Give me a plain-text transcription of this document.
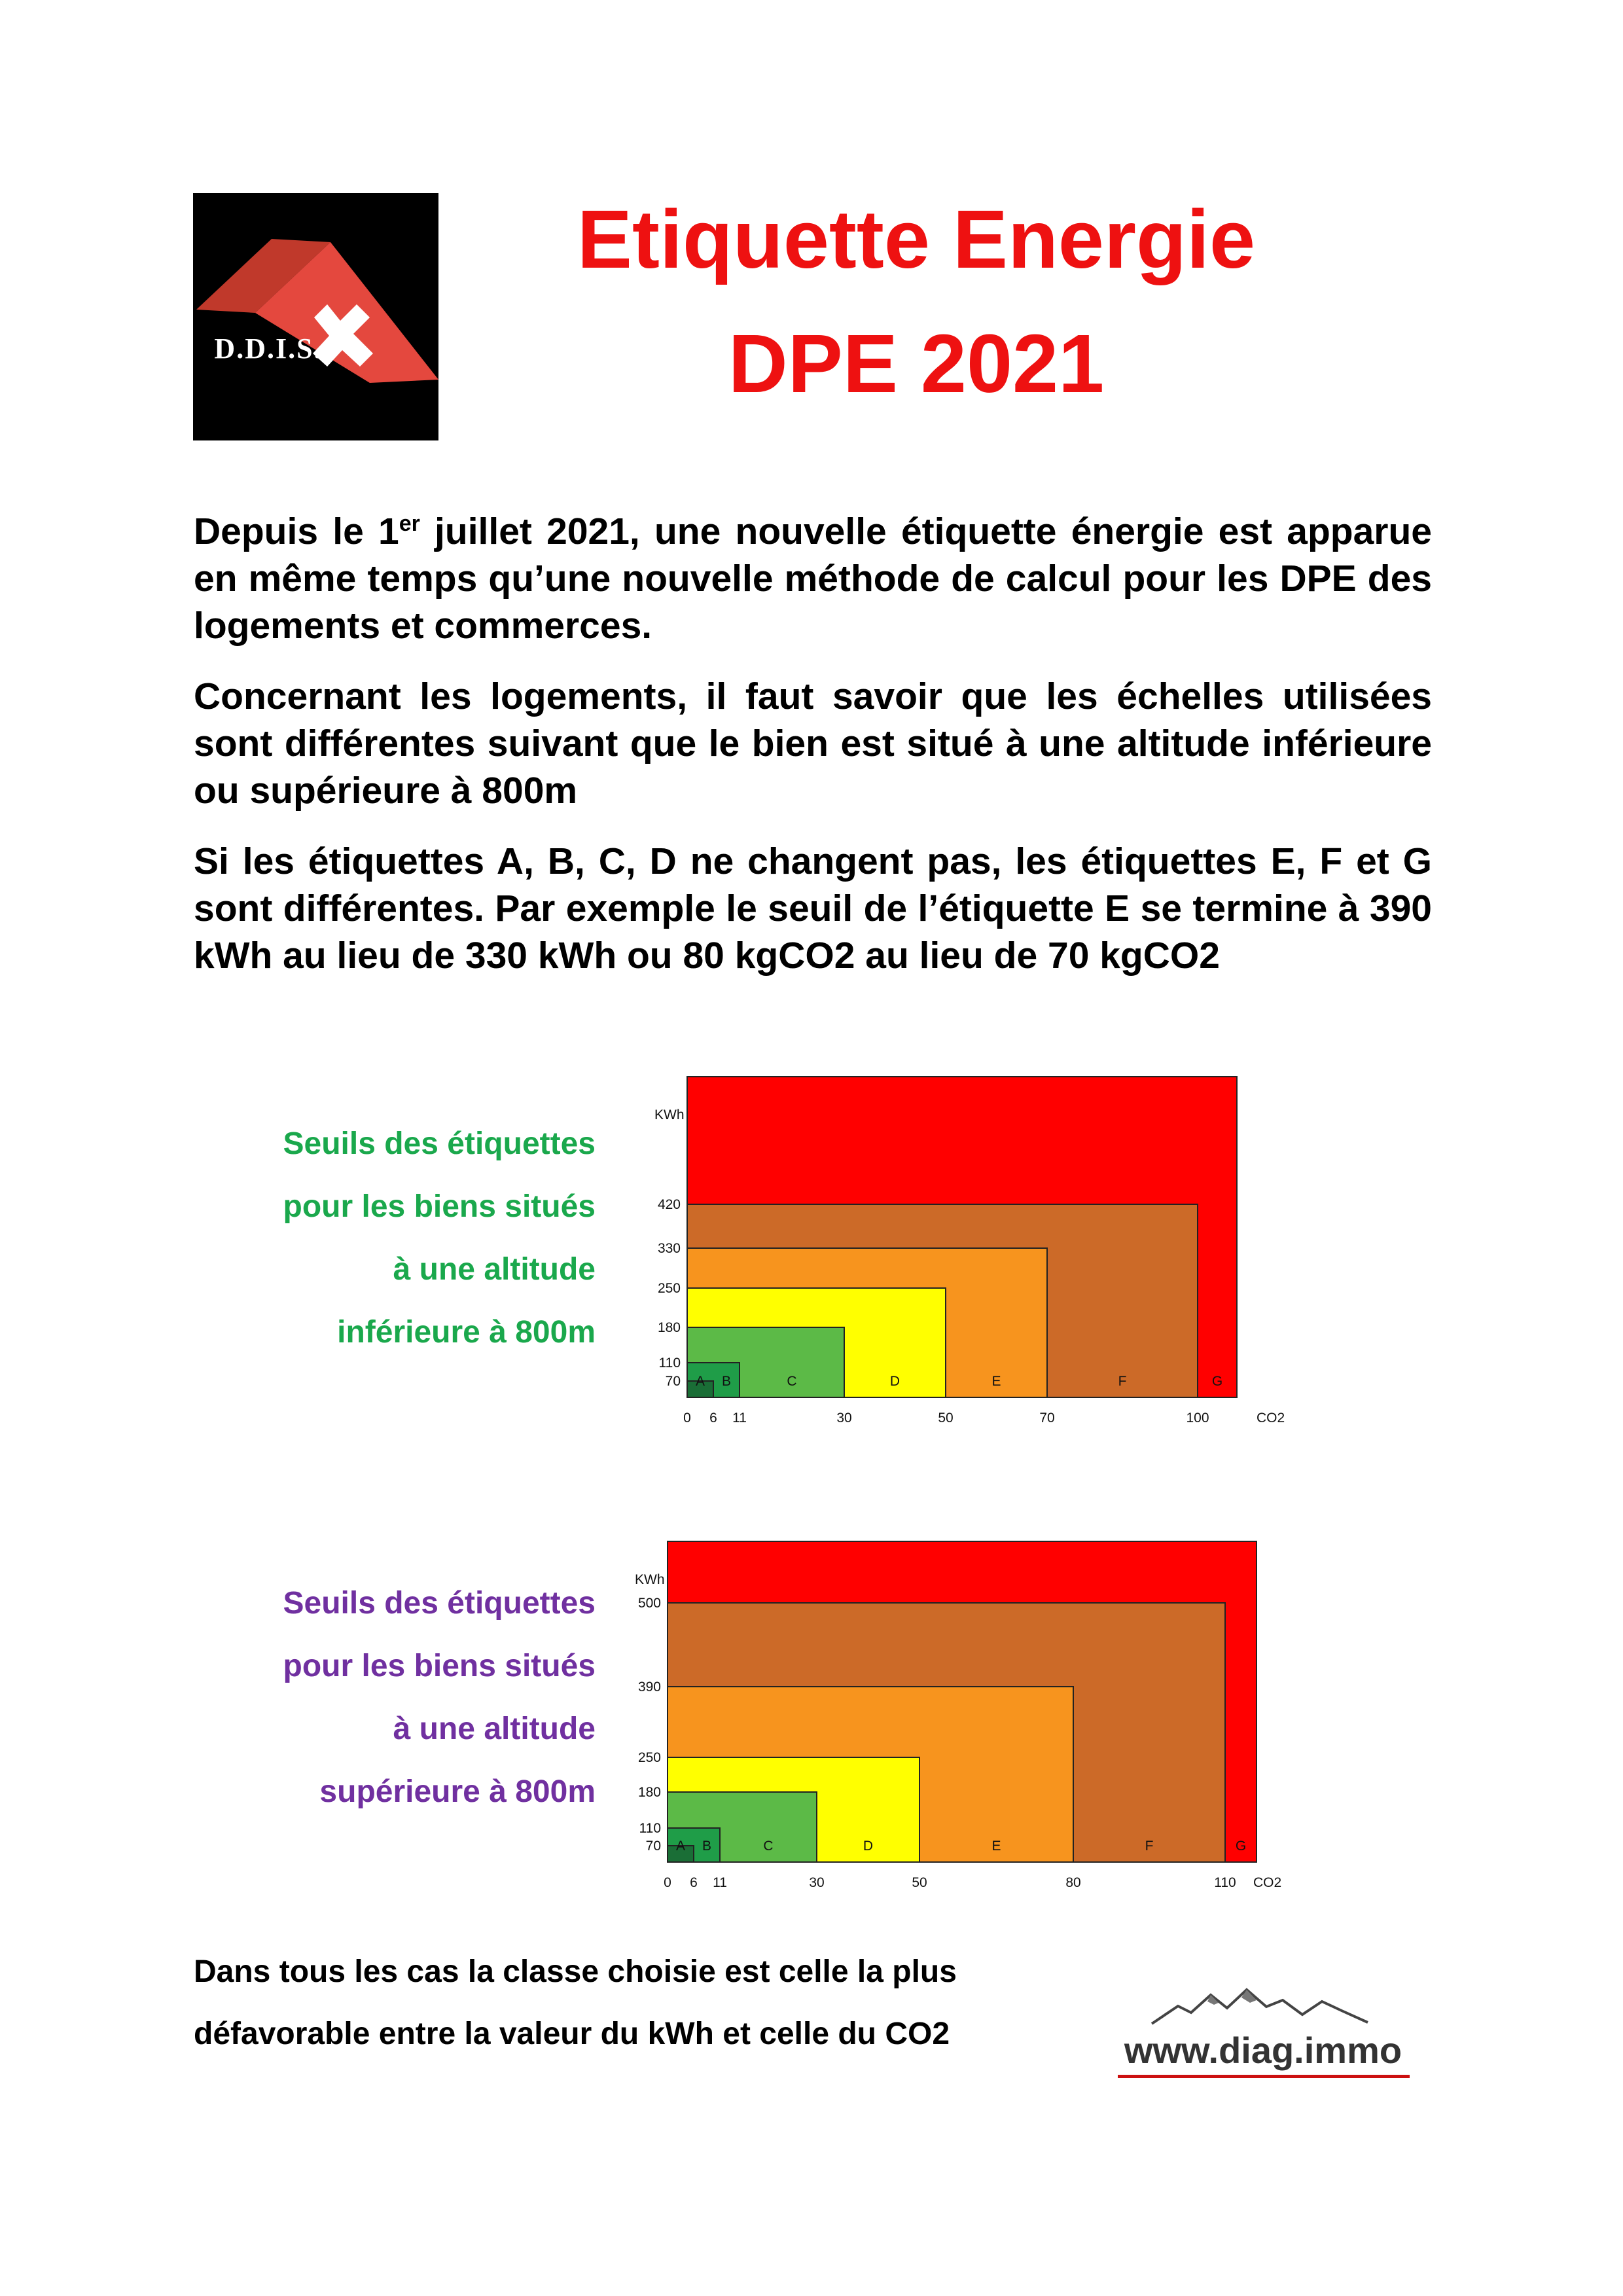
D.D.I.S.
Etiquette Energie
DPE 2021
Depuis le 1er juillet 2021, une nouvelle étiquette énergie est apparue en même temps qu’une nouvelle méthode de calcul pour les DPE des logements et commerces.
Concernant les logements, il faut savoir que les échelles utilisées sont différentes suivant que le bien est situé à une altitude inférieure ou supérieure à 800m
Si les étiquettes A, B, C, D ne changent pas, les étiquettes E, F et G sont différentes. Par exemple le seuil de l’étiquette E se termine à 390 kWh au lieu de 330 kWh ou 80 kgCO2 au lieu de 70 kgCO2
Seuils des étiquettes
pour les biens situés
à une altitude
inférieure à 800m
Seuils des étiquettes
pour les biens situés
à une altitude
supérieure à 800m
A B	C	D	E	F	G
0 6 11	30	50	70	100	CO2
70
110
180
250
330
420
KWh
A B	C	D	E	F	G
0 6 11	30	50	80	110 CO2
70
110
180
250
390
500
KWh
Dans tous les cas la classe choisie est celle la plus
défavorable entre la valeur du kWh et celle du CO2	www.diag.immo
